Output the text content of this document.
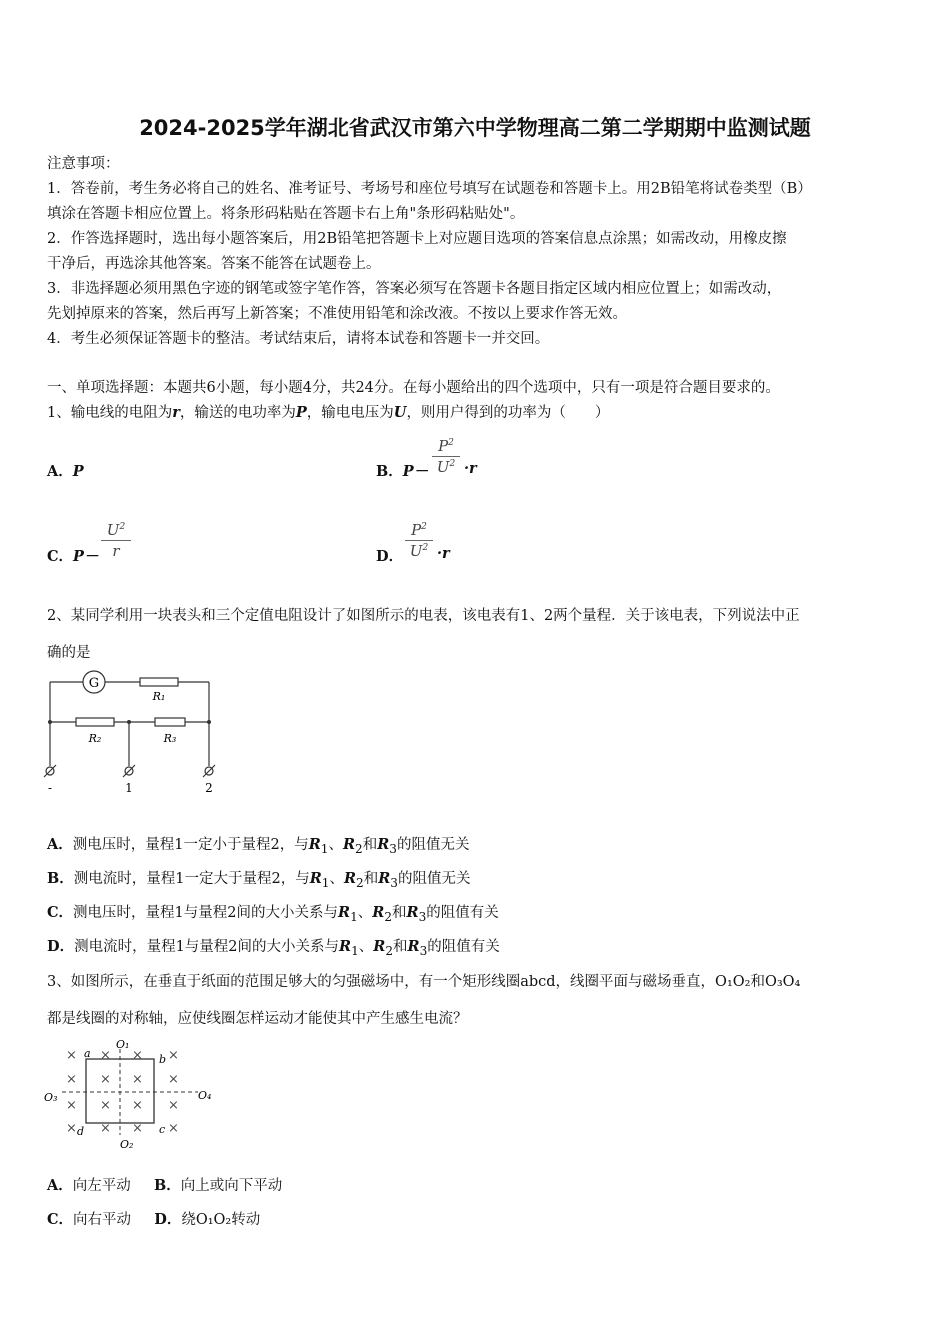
2024-2025学年湖北省武汉市第六中学物理高二第二学期期中监测试题
注意事项：
1．答卷前，考生务必将自己的姓名、准考证号、考场号和座位号填写在试题卷和答题卡上。用2B铅笔将试卷类型（B）
填涂在答题卡相应位置上。将条形码粘贴在答题卡右上角"条形码粘贴处"。
2．作答选择题时，选出每小题答案后，用2B铅笔把答题卡上对应题目选项的答案信息点涂黑；如需改动，用橡皮擦
干净后，再选涂其他答案。答案不能答在试题卷上。
3．非选择题必须用黑色字迹的钢笔或签字笔作答，答案必须写在答题卡各题目指定区域内相应位置上；如需改动，
先划掉原来的答案，然后再写上新答案；不准使用铅笔和涂改液。不按以上要求作答无效。
4．考生必须保证答题卡的整洁。考试结束后，请将本试卷和答题卡一并交回。
一、单项选择题：本题共6小题，每小题4分，共24分。在每小题给出的四个选项中，只有一项是符合题目要求的。
1、输电线的电阻为r，输送的电功率为P，输电电压为U，则用户得到的功率为（　　）
A．P	B．P－
$P^2$
$U^2 \cdot r$
C．P－
$U^2$
r	D．
$P^2$
$U^2 \cdot r$
2、某同学利用一块表头和三个定值电阻设计了如图所示的电表，该电表有1、2两个量程．关于该电表，下列说法中正
确的是
G
R₁
R₂	R₃
-	1	2
A．测电压时，量程1一定小于量程2，与$R_1$、$R_2$和$R_3$的阻值无关
B．测电流时，量程1一定大于量程2，与$R_1$、$R_2$和$R_3$的阻值无关
C．测电压时，量程1与量程2间的大小关系与$R_1$、$R_2$和$R_3$的阻值有关
D．测电流时，量程1与量程2间的大小关系与$R_1$、$R_2$和$R_3$的阻值有关
3、如图所示，在垂直于纸面的范围足够大的匀强磁场中，有一个矩形线圈abcd，线圈平面与磁场垂直，O₁O₂和O₃O₄
都是线圈的对称轴，应使线圈怎样运动才能使其中产生感生电流？
× × × ×
× × × ×
× × × ×
× × × ×
a	b
c
d
O₁
O₂
O₃	O₄
A．向左平动 B．向上或向下平动
C．向右平动 D．绕O₁O₂转动
